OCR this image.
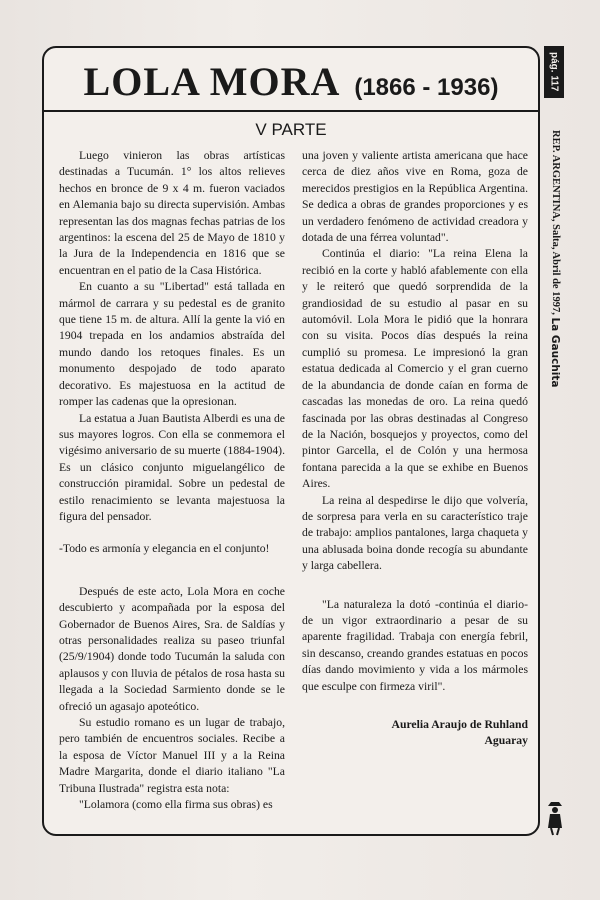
pág. 117
REP. ARGENTINA, Salta, Abril de 1997, La Gauchita
LOLA MORA (1866 - 1936)
V PARTE

Luego vinieron las obras artísticas destinadas a Tucumán. 1° los altos relieves hechos en bronce de 9 x 4 m. fueron vaciados en Alemania bajo su directa supervisión. Ambas representan las dos magnas fechas patrias de los argentinos: la escena del 25 de Mayo de 1810 y la Jura de la Independencia en 1816 que se encuentran en el patio de la Casa Histórica.

En cuanto a su "Libertad" está tallada en mármol de carrara y su pedestal es de granito que tiene 15 m. de altura. Allí la gente la vió en 1904 trepada en los andamios abstraída del mundo dando los retoques finales. Es un monumento despojado de todo aparato decorativo. Es majestuosa en la actitud de romper las cadenas que la opresionan.

La estatua a Juan Bautista Alberdi es una de sus mayores logros. Con ella se conmemora el vigésimo aniversario de su muerte (1884-1904). Es un clásico conjunto miguelangélico de construcción piramidal. Sobre un pedestal de estilo renacimiento se levanta majestuosa la figura del pensador.

-Todo es armonía y elegancia en el conjunto!

Después de este acto, Lola Mora en coche descubierto y acompañada por la esposa del Gobernador de Buenos Aires, Sra. de Saldías y otras personalidades realiza su paseo triunfal (25/9/1904) donde todo Tucumán la saluda con aplausos y con lluvia de pétalos de rosa hasta su llegada a la Sociedad Sarmiento donde se le ofreció un agasajo apoteótico.

Su estudio romano es un lugar de trabajo, pero también de encuentros sociales. Recibe a la esposa de Víctor Manuel III y a la Reina Madre Margarita, donde el diario italiano "La Tribuna Ilustrada" registra esta nota:

"Lolamora (como ella firma sus obras) es

una joven y valiente artista americana que hace cerca de diez años vive en Roma, goza de merecidos prestigios en la República Argentina. Se dedica a obras de grandes proporciones y es un verdadero fenómeno de actividad creadora y dotada de una férrea voluntad".

Continúa el diario: "La reina Elena la recibió en la corte y habló afablemente con ella y le reiteró que quedó sorprendida de la grandiosidad de su estudio al pasar en su automóvil. Lola Mora le pidió que la honrara con su visita. Pocos días después la reina cumplió su promesa. Le impresionó la gran estatua dedicada al Comercio y el gran cuerno de la abundancia de donde caían en forma de cascadas las monedas de oro. La reina quedó fascinada por las obras destinadas al Congreso de la Nación, bosquejos y proyectos, como del pintor Garcella, el de Colón y una hermosa fontana parecida a la que se exhibe en Buenos Aires.

La reina al despedirse le dijo que volvería, de sorpresa para verla en su característico traje de trabajo: amplios pantalones, larga chaqueta y una ablusada boina donde recogía su abundante y larga cabellera.

"La naturaleza la dotó -continúa el diario- de un vigor extraordinario a pesar de su aparente fragilidad. Trabaja con energía febril, sin descanso, creando grandes estatuas en pocos días dando movimiento y vida a los mármoles que esculpe con firmeza viril".

Aurelia Araujo de Ruhland
Aguaray
